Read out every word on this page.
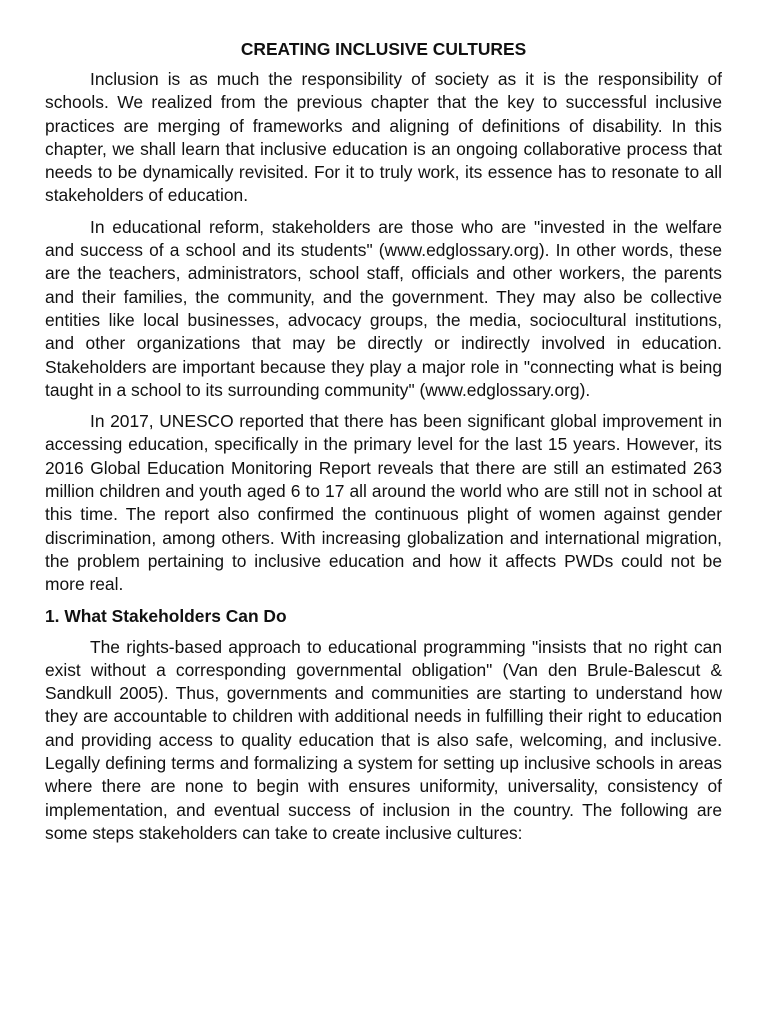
CREATING INCLUSIVE CULTURES

Inclusion is as much the responsibility of society as it is the responsibility of schools. We realized from the previous chapter that the key to successful inclusive practices are merging of frameworks and aligning of definitions of disability. In this chapter, we shall learn that inclusive education is an ongoing collaborative process that needs to be dynamically revisited. For it to truly work, its essence has to resonate to all stakeholders of education.

In educational reform, stakeholders are those who are "invested in the welfare and success of a school and its students" (www.edglossary.org). In other words, these are the teachers, administrators, school staff, officials and other workers, the parents and their families, the community, and the government. They may also be collective entities like local businesses, advocacy groups, the media, sociocultural institutions, and other organizations that may be directly or indirectly involved in education. Stakeholders are important because they play a major role in "connecting what is being taught in a school to its surrounding community" (www.edglossary.org).

In 2017, UNESCO reported that there has been significant global improvement in accessing education, specifically in the primary level for the last 15 years. However, its 2016 Global Education Monitoring Report reveals that there are still an estimated 263 million children and youth aged 6 to 17 all around the world who are still not in school at this time. The report also confirmed the continuous plight of women against gender discrimination, among others. With increasing globalization and international migration, the problem pertaining to inclusive education and how it affects PWDs could not be more real.

1. What Stakeholders Can Do

The rights-based approach to educational programming "insists that no right can exist without a corresponding governmental obligation" (Van den Brule-Balescut & Sandkull 2005). Thus, governments and communities are starting to understand how they are accountable to children with additional needs in fulfilling their right to education and providing access to quality education that is also safe, welcoming, and inclusive. Legally defining terms and formalizing a system for setting up inclusive schools in areas where there are none to begin with ensures uniformity, universality, consistency of implementation, and eventual success of inclusion in the country. The following are some steps stakeholders can take to create inclusive cultures:
